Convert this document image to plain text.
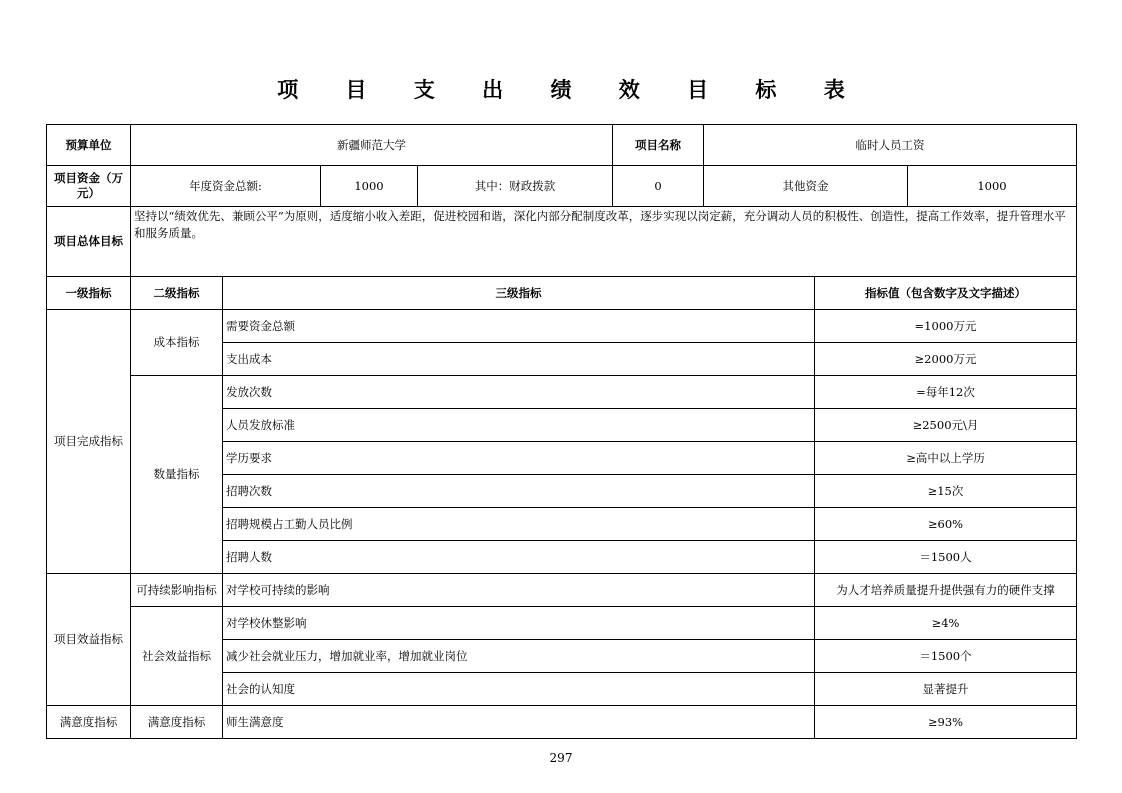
项 目 支 出 绩 效 目 标 表
预算单位	新疆师范大学				项目名称	临时人员工资		
项目资金（万元）	年度资金总额:		1000	其中：财政拨款	0	其他资金		1000
项目总体目标	坚持以“绩效优先、兼顾公平”为原则，适度缩小收入差距，促进校园和谐，深化内部分配制度改革，逐步实现以岗定薪，充分调动人员的积极性、创造性，提高工作效率，提升管理水平和服务质量。							
一级指标	二级指标	三级指标					指标值（包含数字及文字描述）	
项目完成指标	成本指标	需要资金总额					=1000万元	
		支出成本					≥2000万元	
	数量指标	发放次数					=每年12次	
		人员发放标准					≥2500元\月	
		学历要求					≥高中以上学历	
		招聘次数					≥15次	
		招聘规模占工勤人员比例					≥60%	
		招聘人数					＝1500人	
项目效益指标	可持续影响指标	对学校可持续的影响					为人才培养质量提升提供强有力的硬件支撑	
	社会效益指标	对学校休整影响					≥4%	
		减少社会就业压力，增加就业率，增加就业岗位					＝1500个	
		社会的认知度					显著提升	
满意度指标	满意度指标	师生满意度					≥93%	
297
